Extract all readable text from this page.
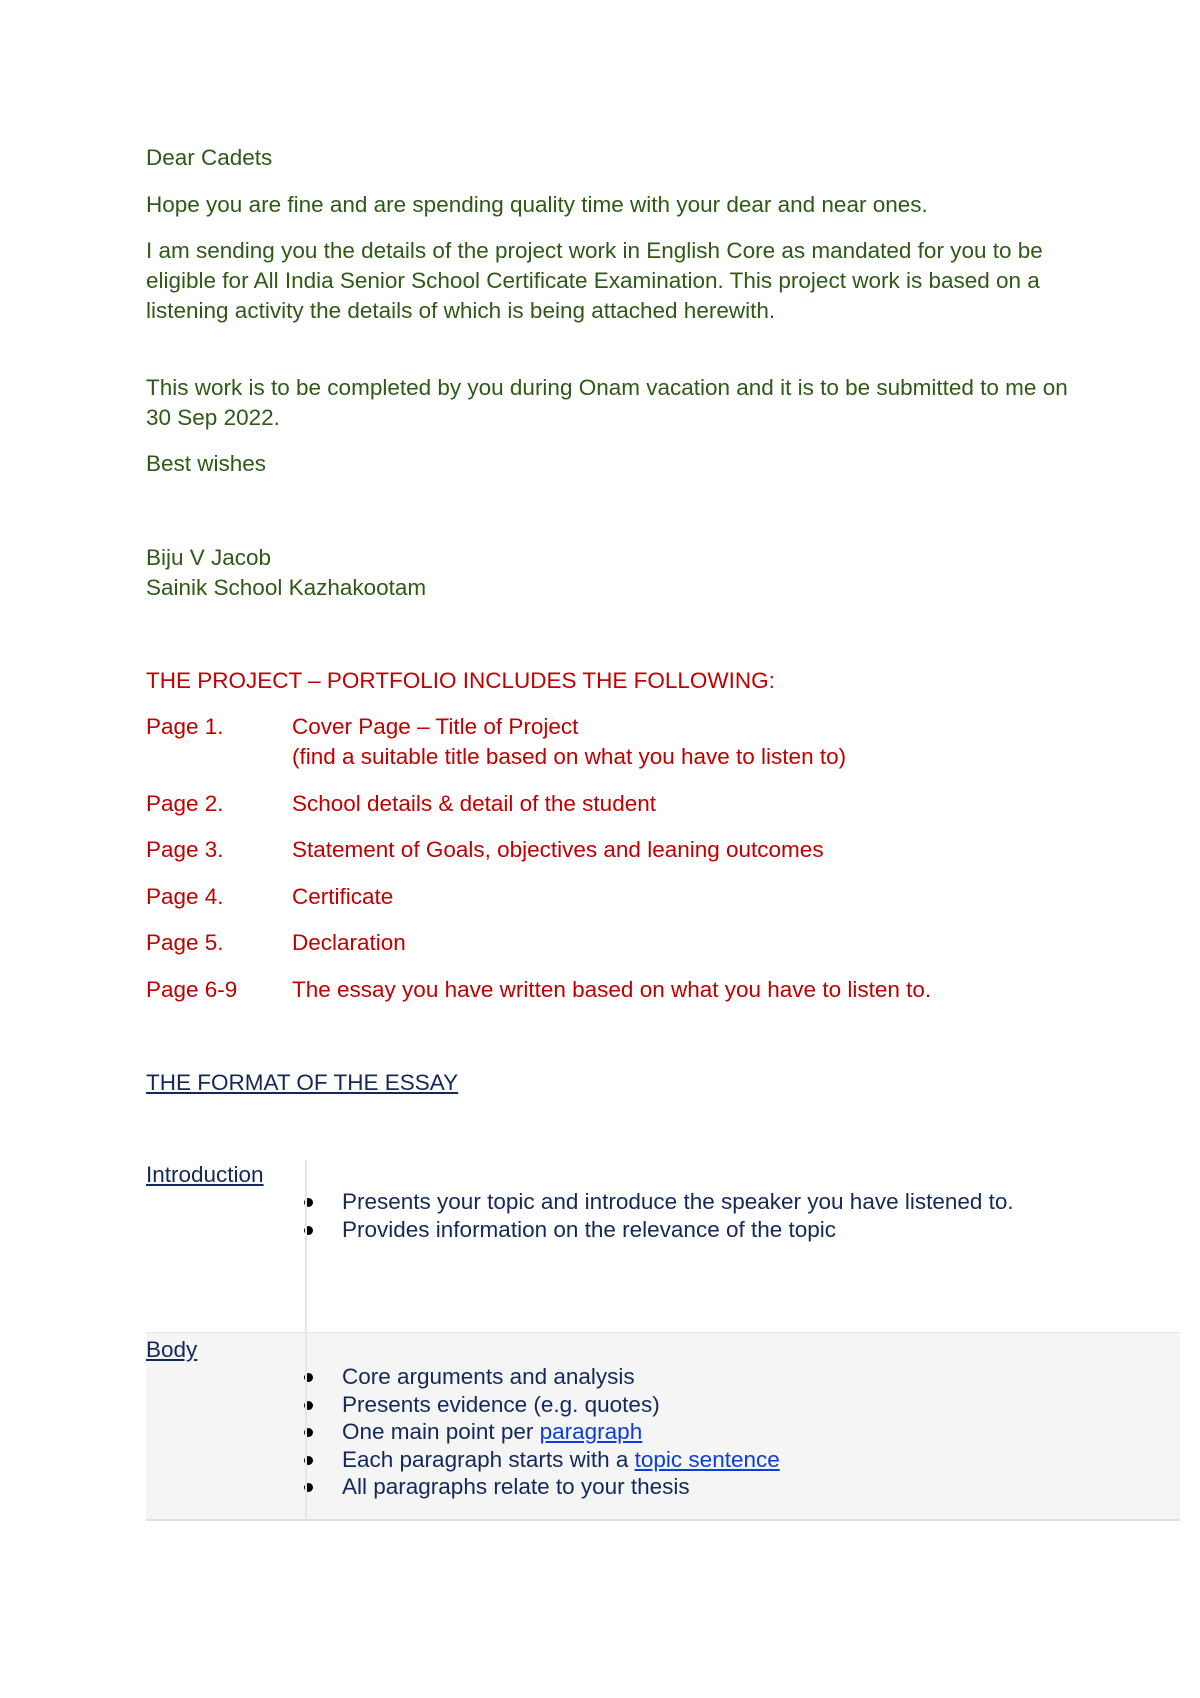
Dear Cadets

Hope you are fine and are spending quality time with your dear and near ones.

I am sending you the details of the project work in English Core as mandated for you to be eligible for All India Senior School Certificate Examination. This project work is based on a listening activity the details of which is being attached herewith.

This work is to be completed by you during Onam vacation and it is to be submitted to me on 30 Sep 2022.

Best wishes

Biju V Jacob

Sainik School Kazhakootam

THE PROJECT – PORTFOLIO INCLUDES THE FOLLOWING:

Page 1.	Cover Page – Title of Project
(find a suitable title based on what you have to listen to)
Page 2.	School details & detail of the student
Page 3.	Statement of Goals, objectives and leaning outcomes
Page 4.	Certificate
Page 5.	Declaration
Page 6-9 The essay you have written based on what you have to listen to.

THE FORMAT OF THE ESSAY

Introduction
Presents your topic and introduce the speaker you have listened to.
Provides information on the relevance of the topic
Body
Core arguments and analysis
Presents evidence (e.g. quotes)
One main point per paragraph
Each paragraph starts with a topic sentence
All paragraphs relate to your thesis
